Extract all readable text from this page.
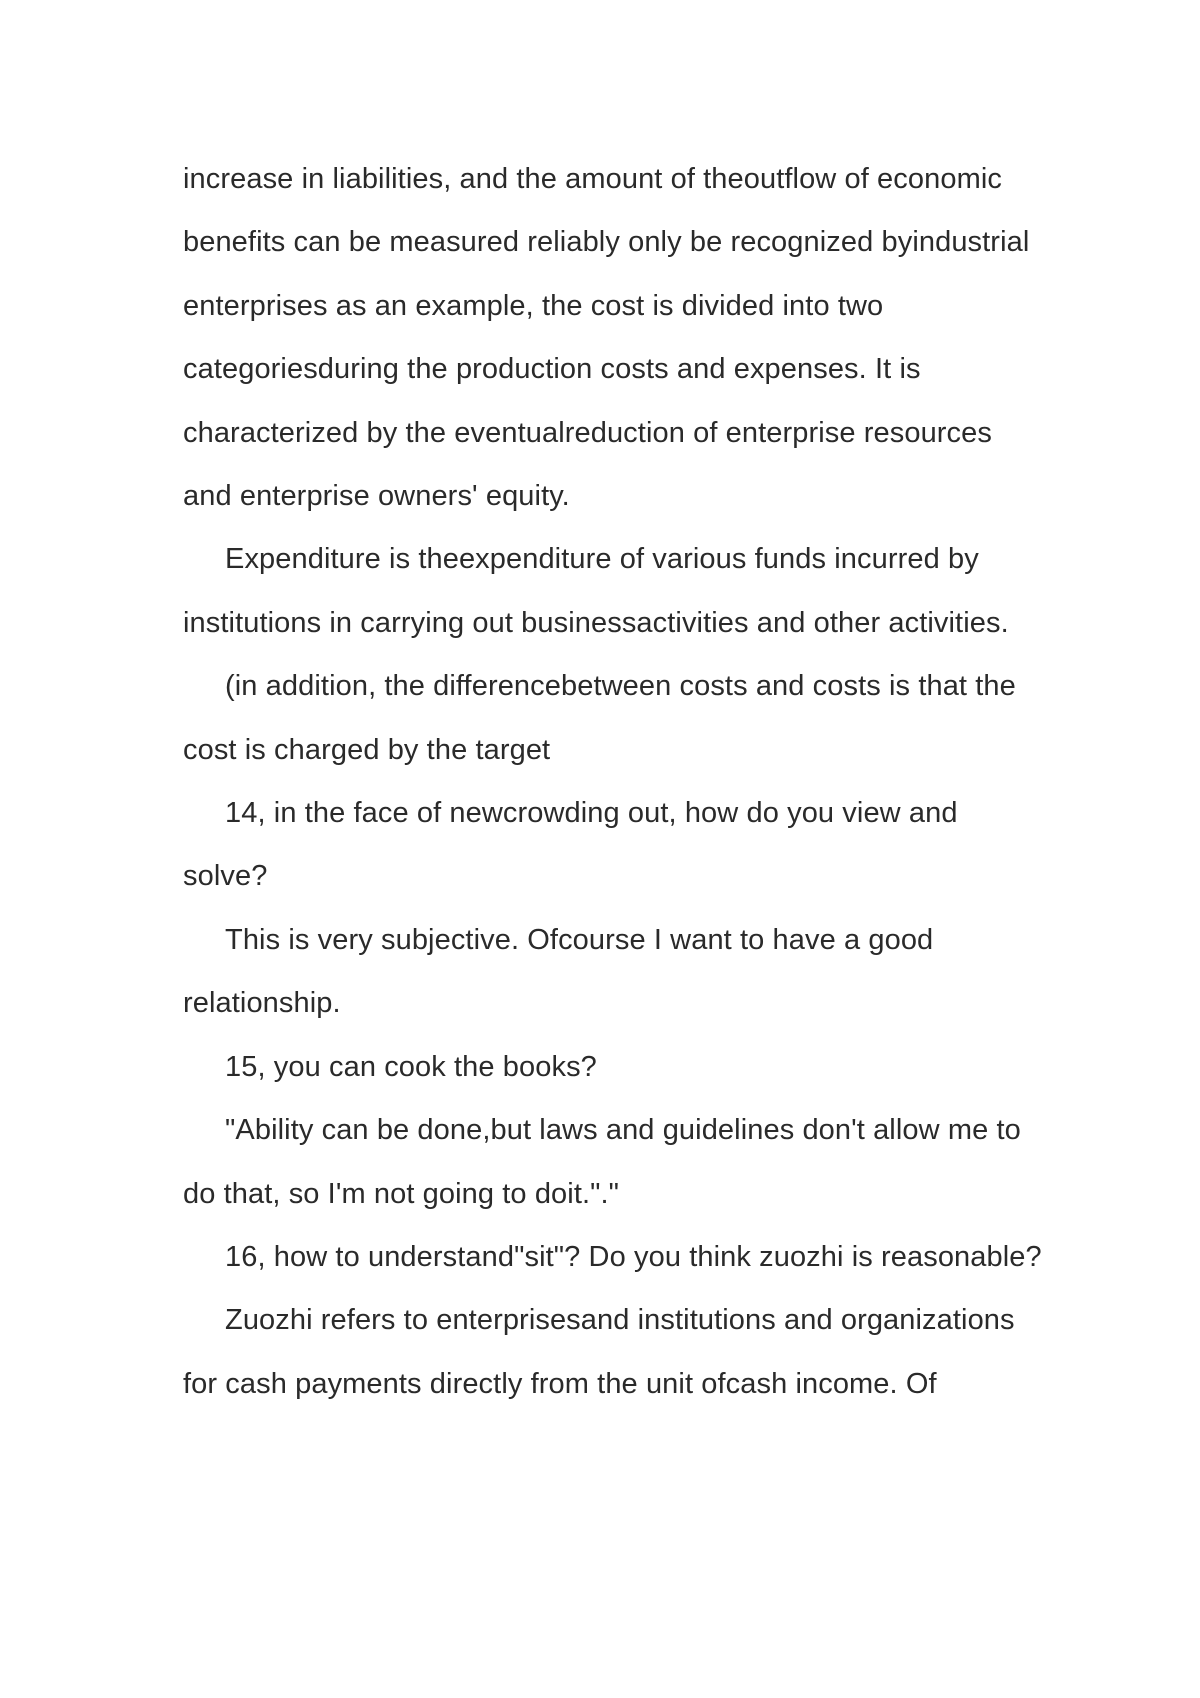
increase in liabilities, and the amount of theoutflow of economic benefits can be measured reliably only be recognized byindustrial enterprises as an example, the cost is divided into two categoriesduring the production costs and expenses. It is characterized by the eventualreduction of enterprise resources and enterprise owners' equity.

Expenditure is theexpenditure of various funds incurred by institutions in carrying out businessactivities and other activities.

(in addition, the differencebetween costs and costs is that the cost is charged by the target

14, in the face of newcrowding out, how do you view and solve?

This is very subjective. Ofcourse I want to have a good relationship.

15, you can cook the books?

"Ability can be done,but laws and guidelines don't allow me to do that, so I'm not going to doit."."

16, how to understand"sit"? Do you think zuozhi is reasonable?

Zuozhi refers to enterprisesand institutions and organizations for cash payments directly from the unit ofcash income. Of
